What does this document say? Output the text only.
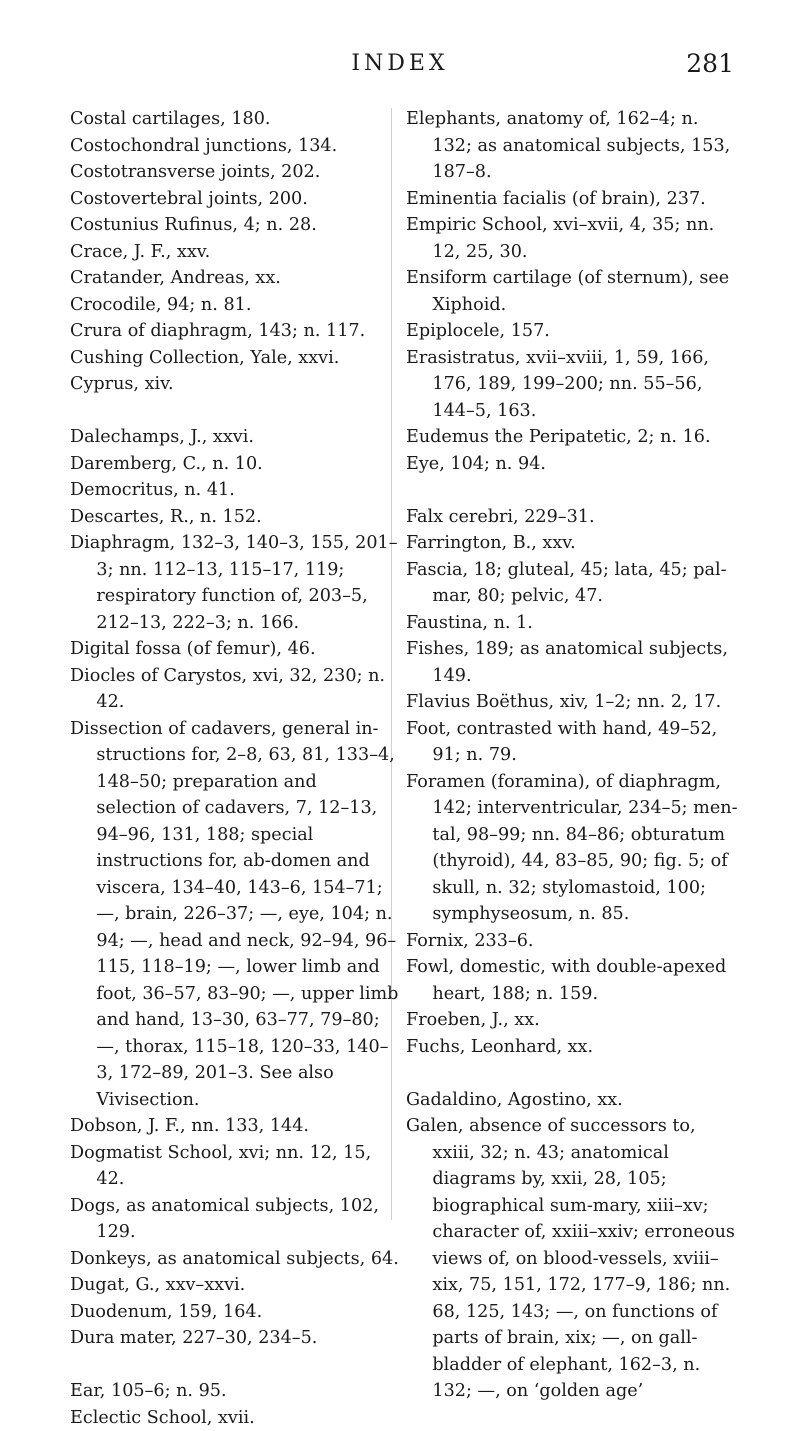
INDEX	281

Costal cartilages, 180.

Costochondral junctions, 134.

Costotransverse joints, 202.

Costovertebral joints, 200.

Costunius Rufinus, 4; n. 28.

Crace, J. F., xxv.

Cratander, Andreas, xx.

Crocodile, 94; n. 81.

Crura of diaphragm, 143; n. 117.

Cushing Collection, Yale, xxvi.

Cyprus, xiv.

Dalechamps, J., xxvi.

Daremberg, C., n. 10.

Democritus, n. 41.

Descartes, R., n. 152.

Diaphragm, 132–3, 140–3, 155, 201–3; nn. 112–13, 115–17, 119; respiratory function of, 203–5, 212–13, 222–3; n. 166.

Digital fossa (of femur), 46.

Diocles of Carystos, xvi, 32, 230; n. 42.

Dissection of cadavers, general in-structions for, 2–8, 63, 81, 133–4, 148–50; preparation and selection of cadavers, 7, 12–13, 94–96, 131, 188; special instructions for, ab-domen and viscera, 134–40, 143–6, 154–71; —, brain, 226–37; —, eye, 104; n. 94; —, head and neck, 92–94, 96–115, 118–19; —, lower limb and foot, 36–57, 83–90; —, upper limb and hand, 13–30, 63–77, 79–80; —, thorax, 115–18, 120–33, 140–3, 172–89, 201–3. See also Vivisection.

Dobson, J. F., nn. 133, 144.

Dogmatist School, xvi; nn. 12, 15, 42.

Dogs, as anatomical subjects, 102, 129.

Donkeys, as anatomical subjects, 64.

Dugat, G., xxv–xxvi.

Duodenum, 159, 164.

Dura mater, 227–30, 234–5.

Ear, 105–6; n. 95.

Eclectic School, xvii.

Elephants, anatomy of, 162–4; n. 132; as anatomical subjects, 153, 187–8.

Eminentia facialis (of brain), 237.

Empiric School, xvi–xvii, 4, 35; nn. 12, 25, 30.

Ensiform cartilage (of sternum), see Xiphoid.

Epiplocele, 157.

Erasistratus, xvii–xviii, 1, 59, 166, 176, 189, 199–200; nn. 55–56, 144–5, 163.

Eudemus the Peripatetic, 2; n. 16.

Eye, 104; n. 94.

Falx cerebri, 229–31.

Farrington, B., xxv.

Fascia, 18; gluteal, 45; lata, 45; pal-mar, 80; pelvic, 47.

Faustina, n. 1.

Fishes, 189; as anatomical subjects, 149.

Flavius Boëthus, xiv, 1–2; nn. 2, 17.

Foot, contrasted with hand, 49–52, 91; n. 79.

Foramen (foramina), of diaphragm, 142; interventricular, 234–5; men-tal, 98–99; nn. 84–86; obturatum (thyroid), 44, 83–85, 90; fig. 5; of skull, n. 32; stylomastoid, 100; symphyseosum, n. 85.

Fornix, 233–6.

Fowl, domestic, with double-apexed heart, 188; n. 159.

Froeben, J., xx.

Fuchs, Leonhard, xx.

Gadaldino, Agostino, xx.

Galen, absence of successors to, xxiii, 32; n. 43; anatomical diagrams by, xxii, 28, 105; biographical sum-mary, xiii–xv; character of, xxiii–xxiv; erroneous views of, on blood-vessels, xviii–xix, 75, 151, 172, 177–9, 186; nn. 68, 125, 143; —, on functions of parts of brain, xix; —, on gall-bladder of elephant, 162–3, n. 132; —, on ‘golden age’
